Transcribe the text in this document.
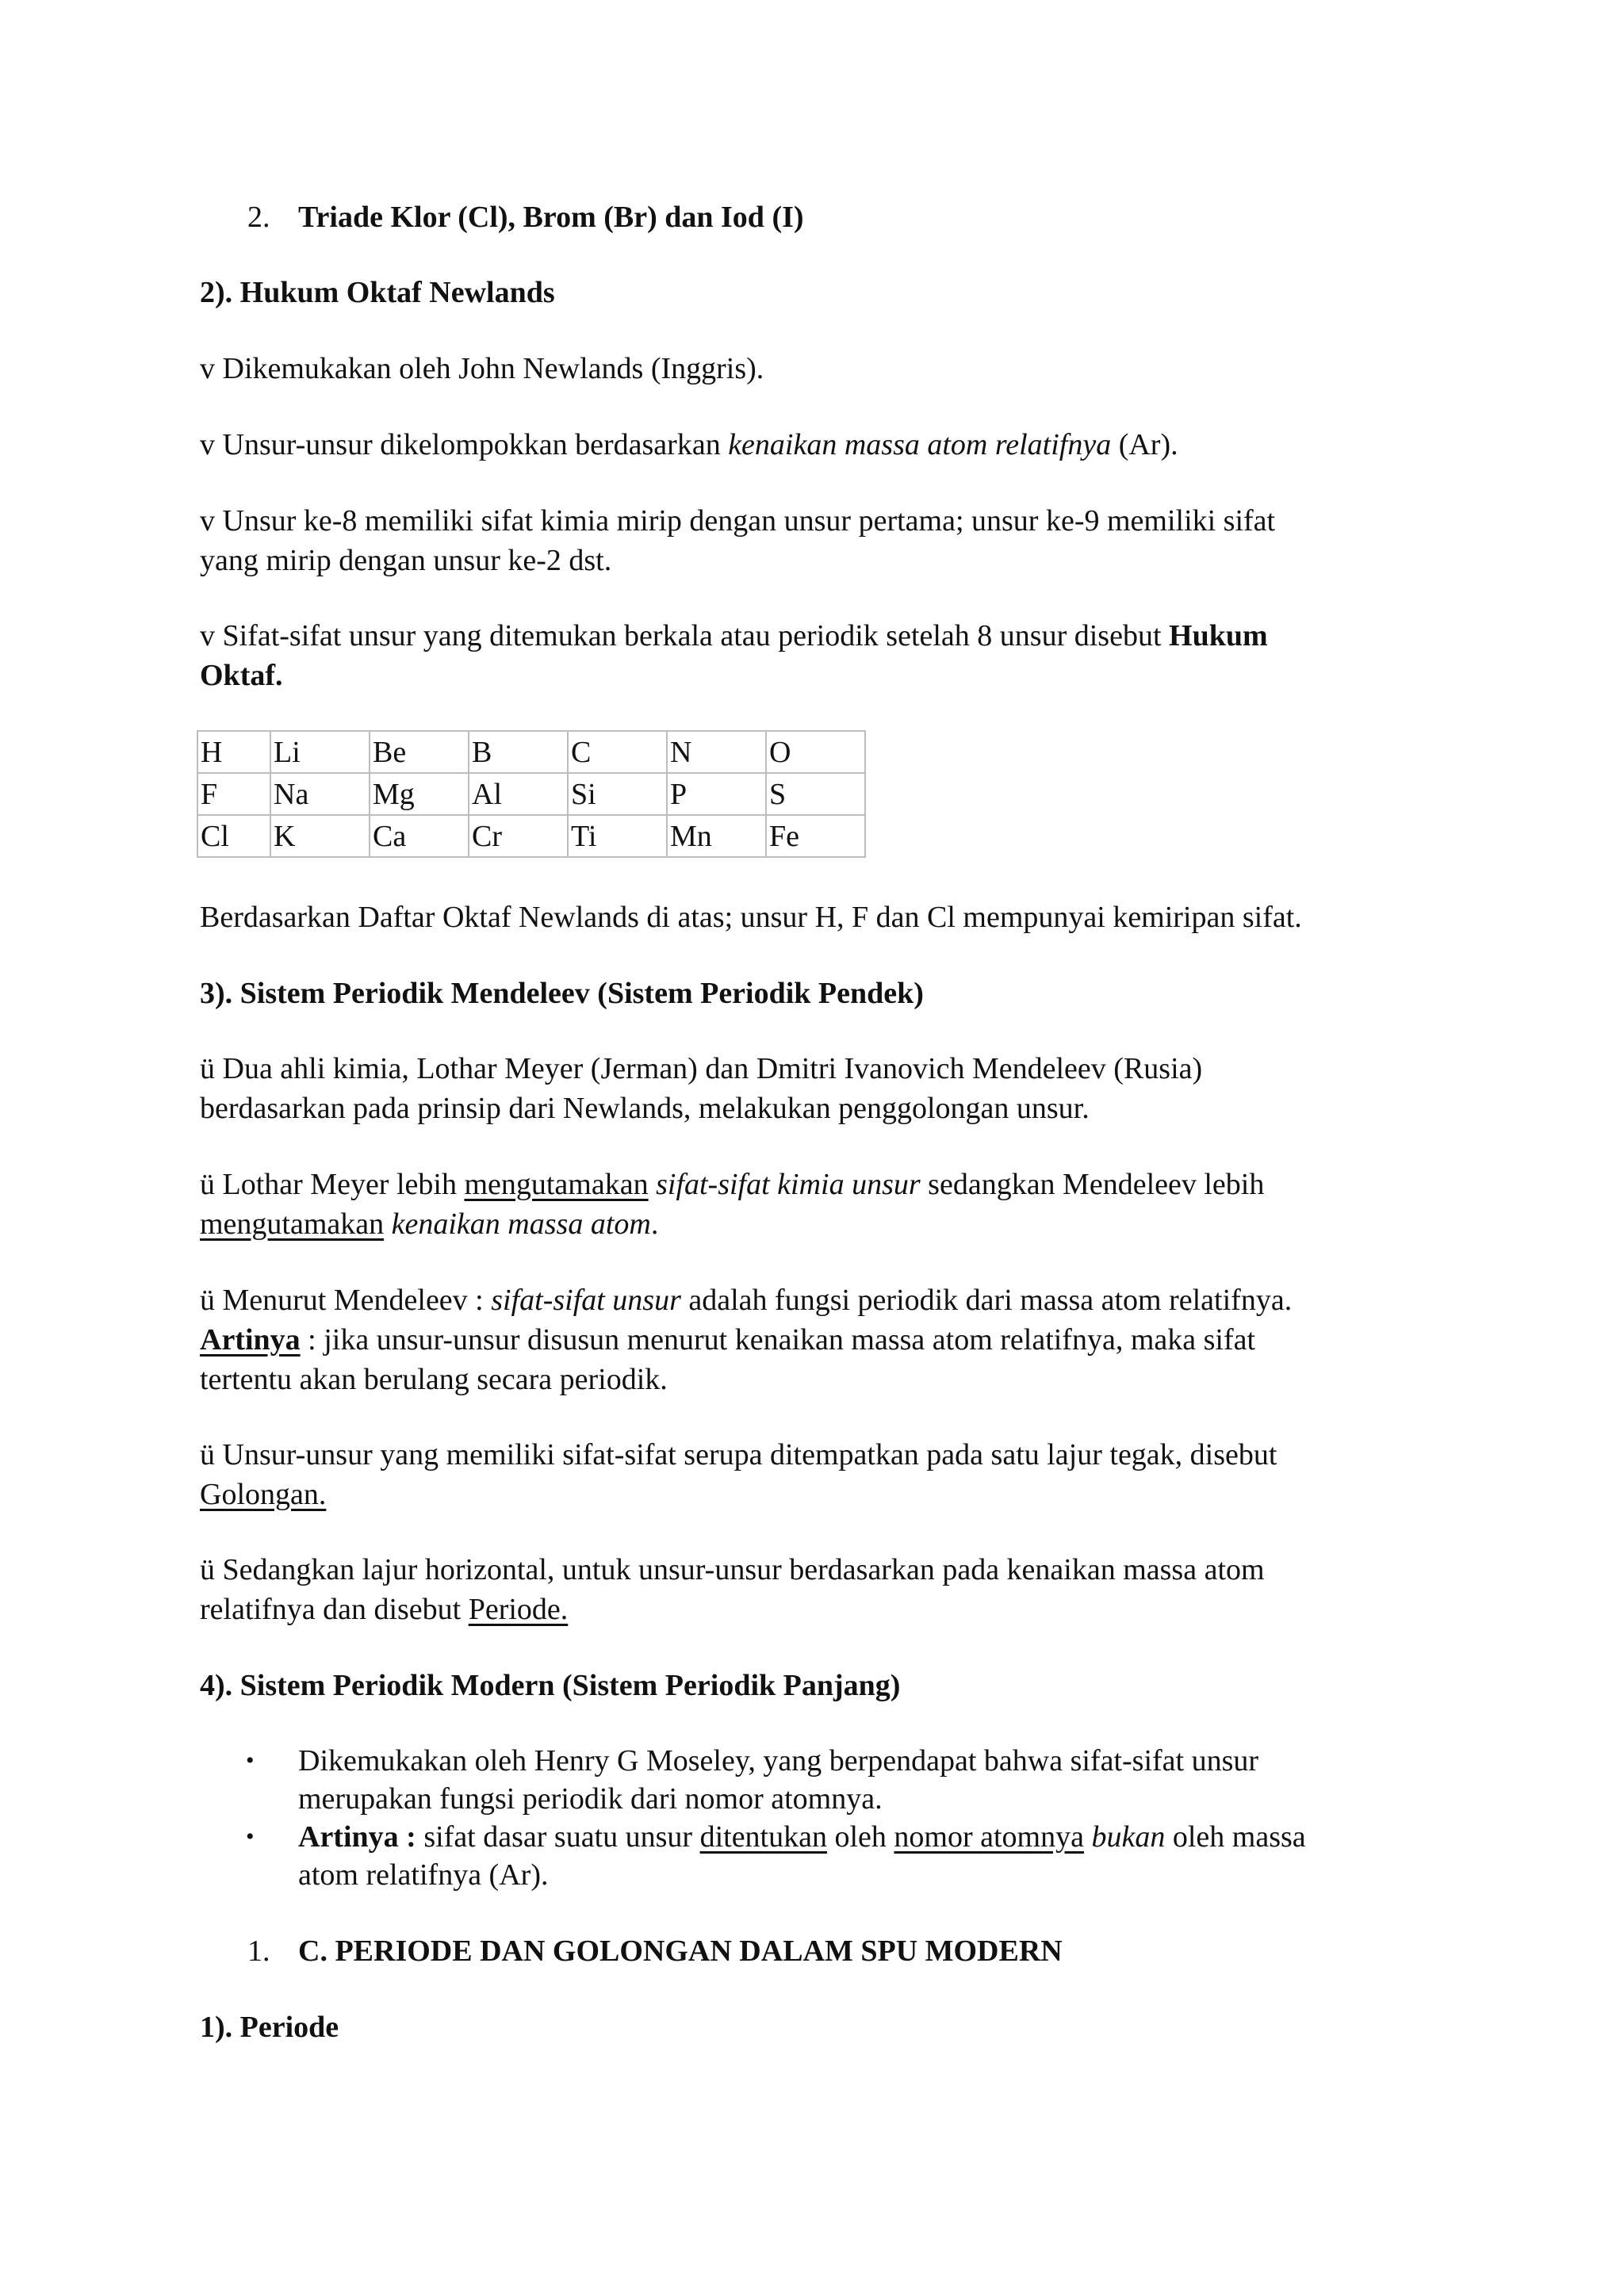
2. Triade Klor (Cl), Brom (Br) dan Iod (I)
2). Hukum Oktaf Newlands
v Dikemukakan oleh John Newlands (Inggris).
v Unsur-unsur dikelompokkan berdasarkan kenaikan massa atom relatifnya (Ar).
v Unsur ke-8 memiliki sifat kimia mirip dengan unsur pertama; unsur ke-9 memiliki sifat
yang mirip dengan unsur ke-2 dst.
v Sifat-sifat unsur yang ditemukan berkala atau periodik setelah 8 unsur disebut Hukum
Oktaf.
H	Li	Be	B	C	N	O
F	Na	Mg	Al	Si	P	S
Cl	K	Ca	Cr	Ti	Mn	Fe
Berdasarkan Daftar Oktaf Newlands di atas; unsur H, F dan Cl mempunyai kemiripan sifat.
3). Sistem Periodik Mendeleev (Sistem Periodik Pendek)
ü Dua ahli kimia, Lothar Meyer (Jerman) dan Dmitri Ivanovich Mendeleev (Rusia)
berdasarkan pada prinsip dari Newlands, melakukan penggolongan unsur.
ü Lothar Meyer lebih mengutamakan sifat-sifat kimia unsur sedangkan Mendeleev lebih
mengutamakan kenaikan massa atom.
ü Menurut Mendeleev : sifat-sifat unsur adalah fungsi periodik dari massa atom relatifnya.
Artinya : jika unsur-unsur disusun menurut kenaikan massa atom relatifnya, maka sifat
tertentu akan berulang secara periodik.
ü Unsur-unsur yang memiliki sifat-sifat serupa ditempatkan pada satu lajur tegak, disebut
Golongan.
ü Sedangkan lajur horizontal, untuk unsur-unsur berdasarkan pada kenaikan massa atom
relatifnya dan disebut Periode.
4). Sistem Periodik Modern (Sistem Periodik Panjang)
• Dikemukakan oleh Henry G Moseley, yang berpendapat bahwa sifat-sifat unsur
merupakan fungsi periodik dari nomor atomnya.
• Artinya : sifat dasar suatu unsur ditentukan oleh nomor atomnya bukan oleh massa
atom relatifnya (Ar).
1. C. PERIODE DAN GOLONGAN DALAM SPU MODERN
1). Periode
